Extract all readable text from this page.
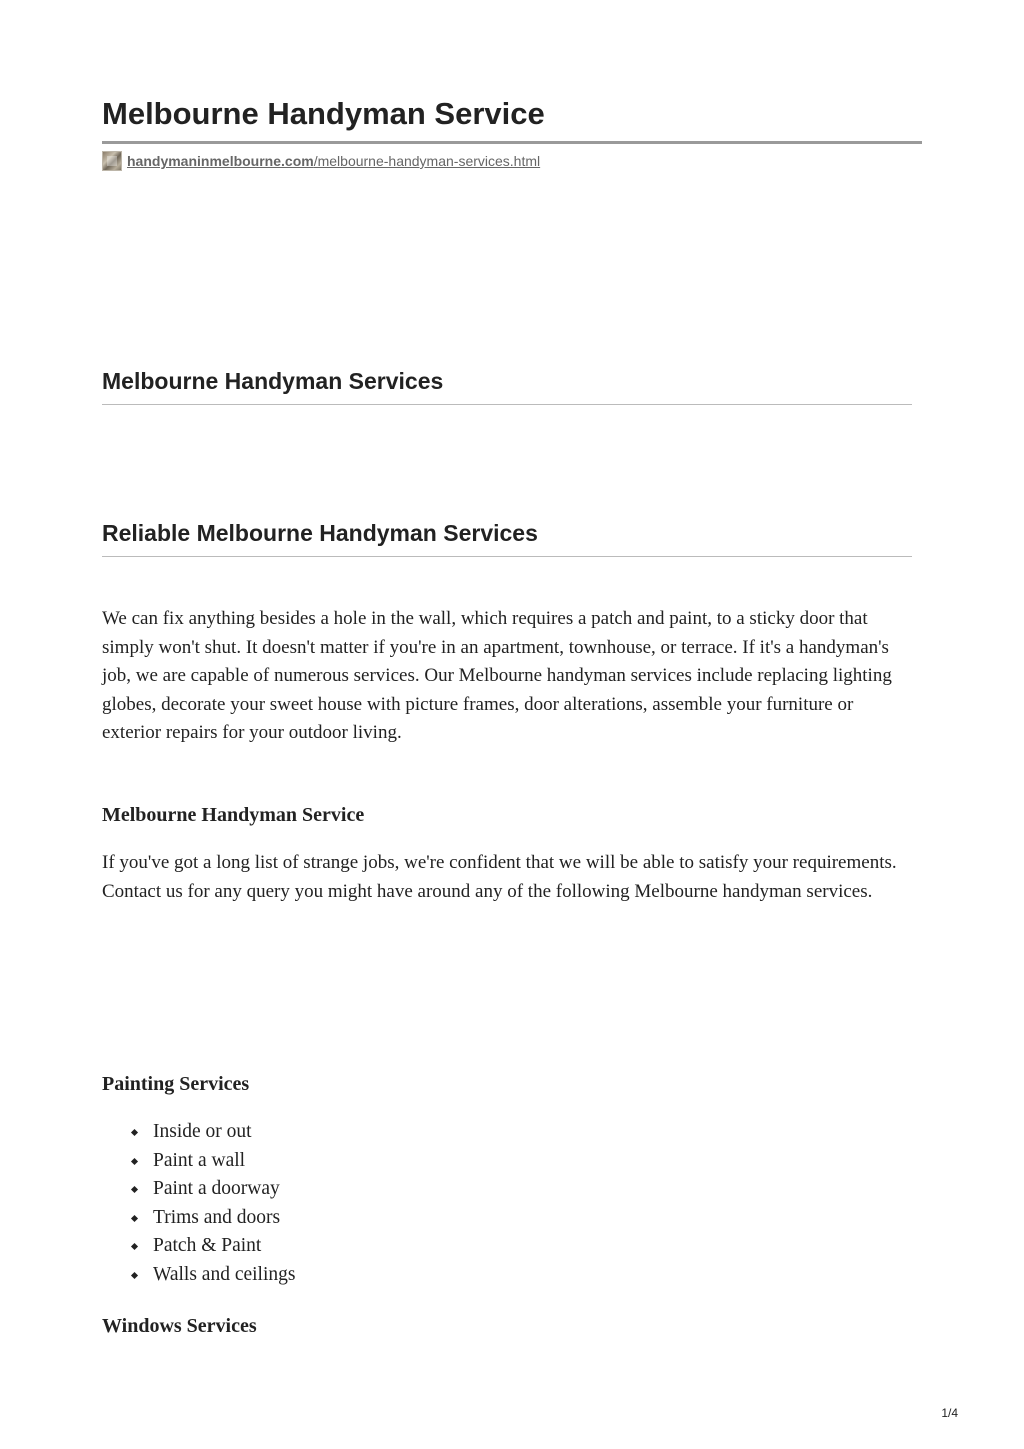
Melbourne Handyman Service
handymaninmelbourne.com/melbourne-handyman-services.html
Melbourne Handyman Services
Reliable Melbourne Handyman Services

We can fix anything besides a hole in the wall, which requires a patch and paint, to a sticky door that simply won't shut. It doesn't matter if you're in an apartment, townhouse, or terrace. If it's a handyman's job, we are capable of numerous services. Our Melbourne handyman services include replacing lighting globes, decorate your sweet house with picture frames, door alterations, assemble your furniture or exterior repairs for your outdoor living.

Melbourne Handyman Service

If you've got a long list of strange jobs, we're confident that we will be able to satisfy your requirements. Contact us for any query you might have around any of the following Melbourne handyman services.

Painting Services
Inside or out
Paint a wall
Paint a doorway
Trims and doors
Patch & Paint
Walls and ceilings
Windows Services
1/4
